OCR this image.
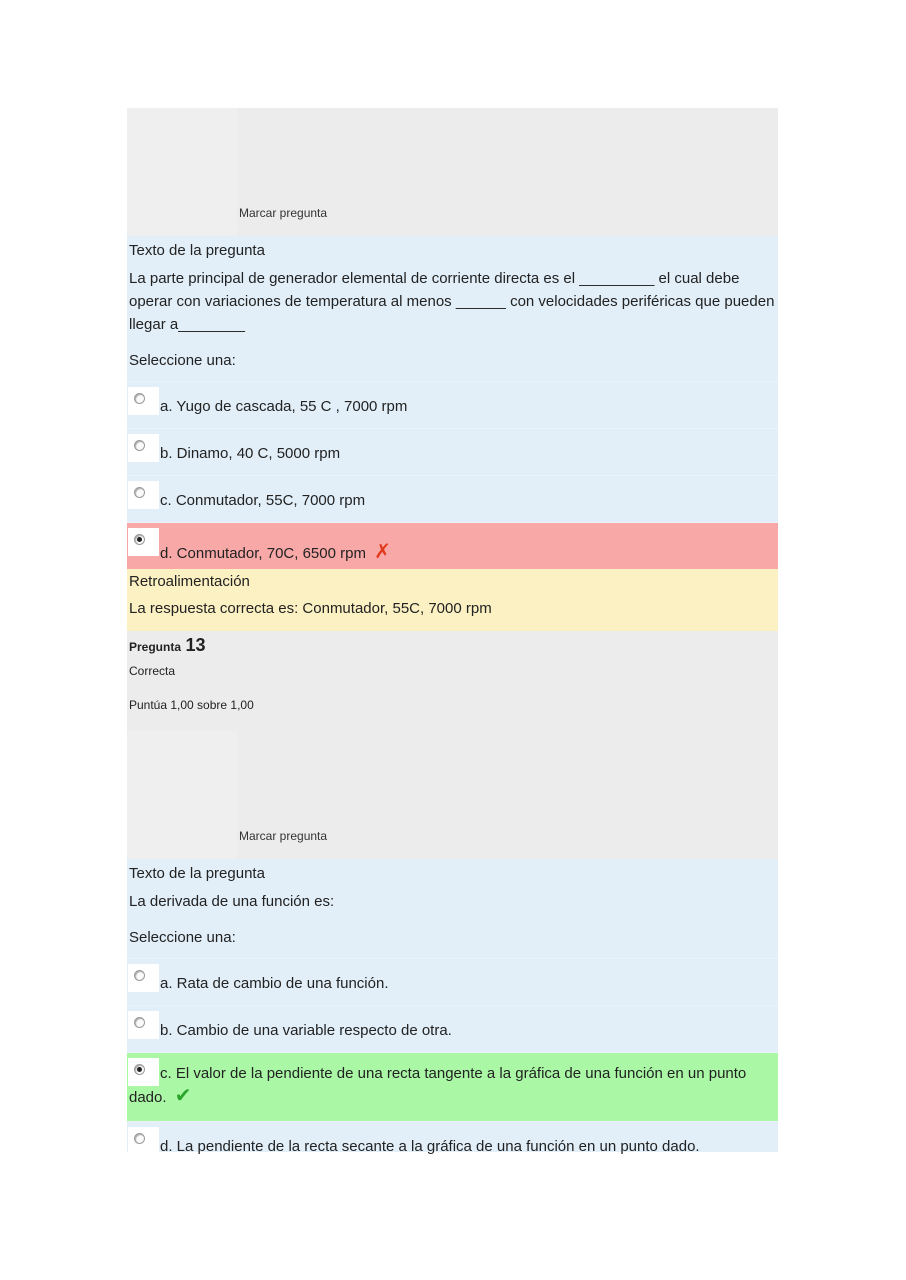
Marcar pregunta
Texto de la pregunta
La parte principal de generador elemental de corriente directa es el _________ el cual debe operar con variaciones de temperatura al menos ______ con velocidades periféricas que pueden llegar a________
Seleccione una:
a. Yugo de cascada, 55 C , 7000 rpm
b. Dinamo, 40 C, 5000 rpm
c. Conmutador, 55C, 7000 rpm
d. Conmutador, 70C, 6500 rpm ✗
Retroalimentación
La respuesta correcta es: Conmutador, 55C, 7000 rpm
Pregunta 13
Correcta
Puntúa 1,00 sobre 1,00
Marcar pregunta
Texto de la pregunta
La derivada de una función es:
Seleccione una:
a. Rata de cambio de una función.
b. Cambio de una variable respecto de otra.
c. El valor de la pendiente de una recta tangente a la gráfica de una función en un punto dado. ✔
d. La pendiente de la recta secante a la gráfica de una función en un punto dado.
